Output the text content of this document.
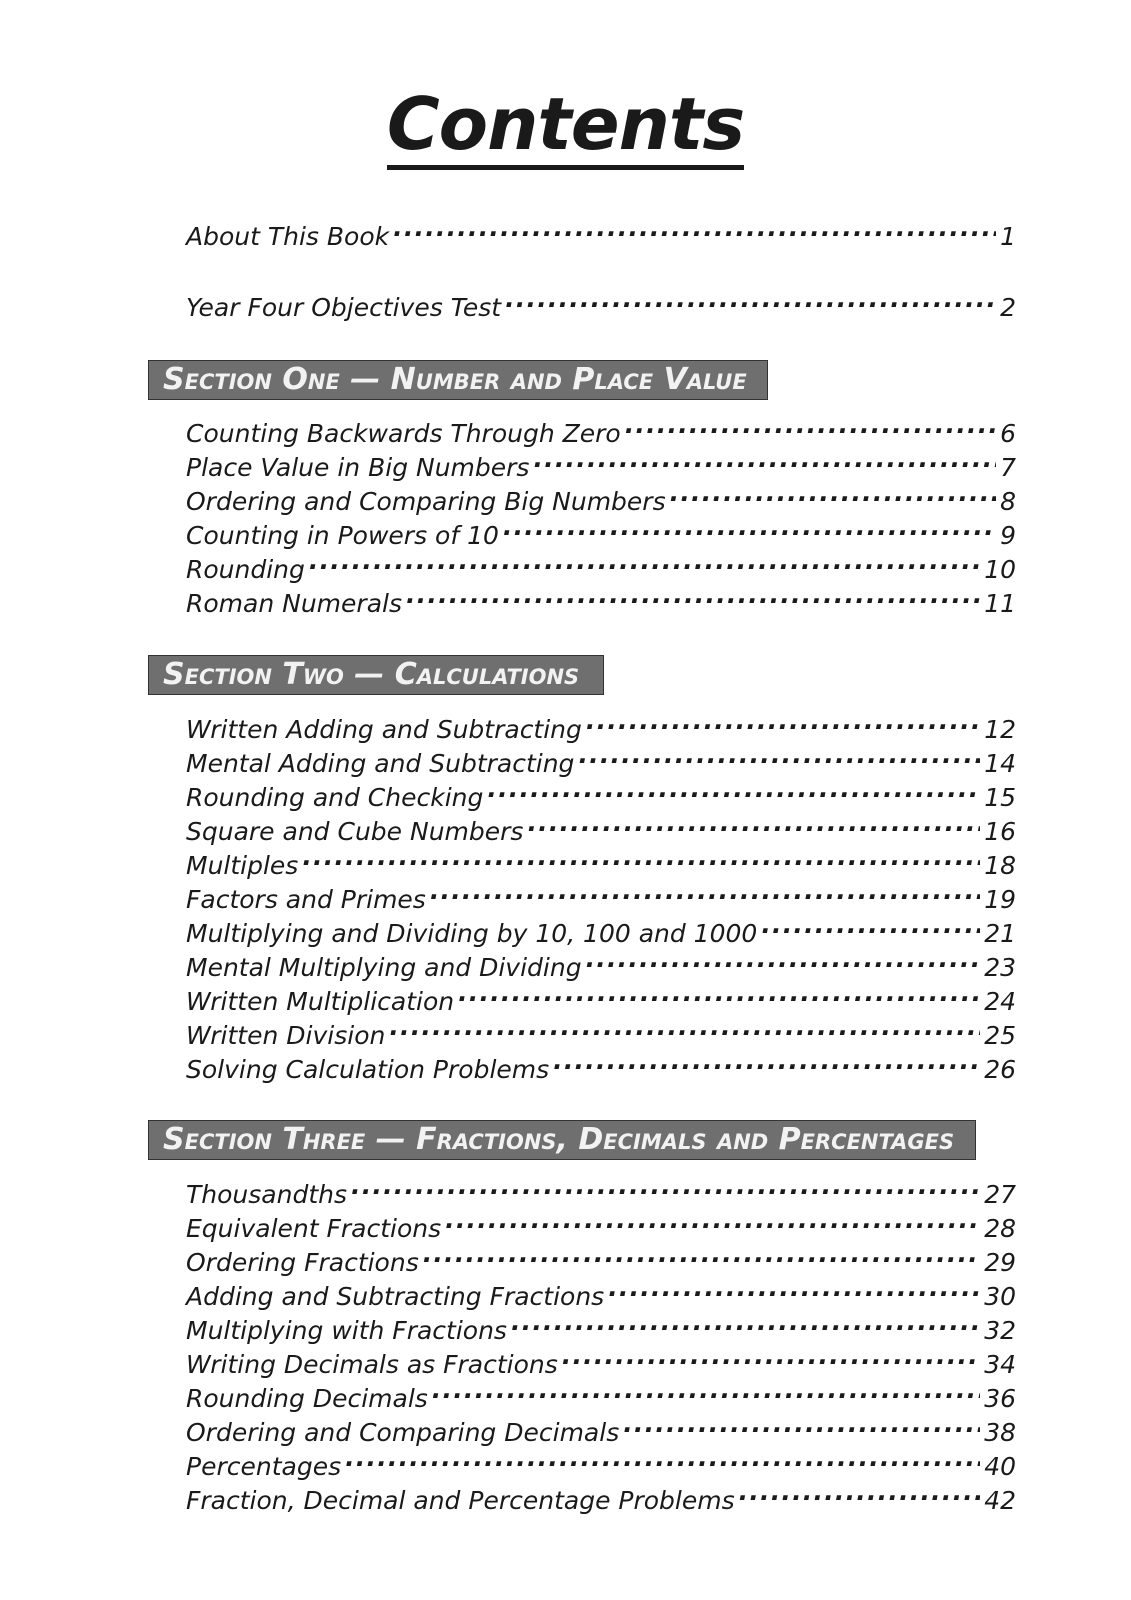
Contents
About This Book .....	1
Year Four Objectives Test .....	2
Section One — Number and Place Value
Counting Backwards Through Zero .....	6
Place Value in Big Numbers .....	7
Ordering and Comparing Big Numbers .....	8
Counting in Powers of 10 .....	9
Rounding .....	10
Roman Numerals .....	11
Section Two — Calculations
Written Adding and Subtracting .....	12
Mental Adding and Subtracting .....	14
Rounding and Checking .....	15
Square and Cube Numbers .....	16
Multiples .....	18
Factors and Primes .....	19
Multiplying and Dividing by 10, 100 and 1000 .....	21
Mental Multiplying and Dividing .....	23
Written Multiplication .....	24
Written Division .....	25
Solving Calculation Problems .....	26
Section Three — Fractions, Decimals and Percentages
Thousandths .....	27
Equivalent Fractions .....	28
Ordering Fractions .....	29
Adding and Subtracting Fractions .....	30
Multiplying with Fractions .....	32
Writing Decimals as Fractions .....	34
Rounding Decimals .....	36
Ordering and Comparing Decimals .....	38
Percentages .....	40
Fraction, Decimal and Percentage Problems .....	42
